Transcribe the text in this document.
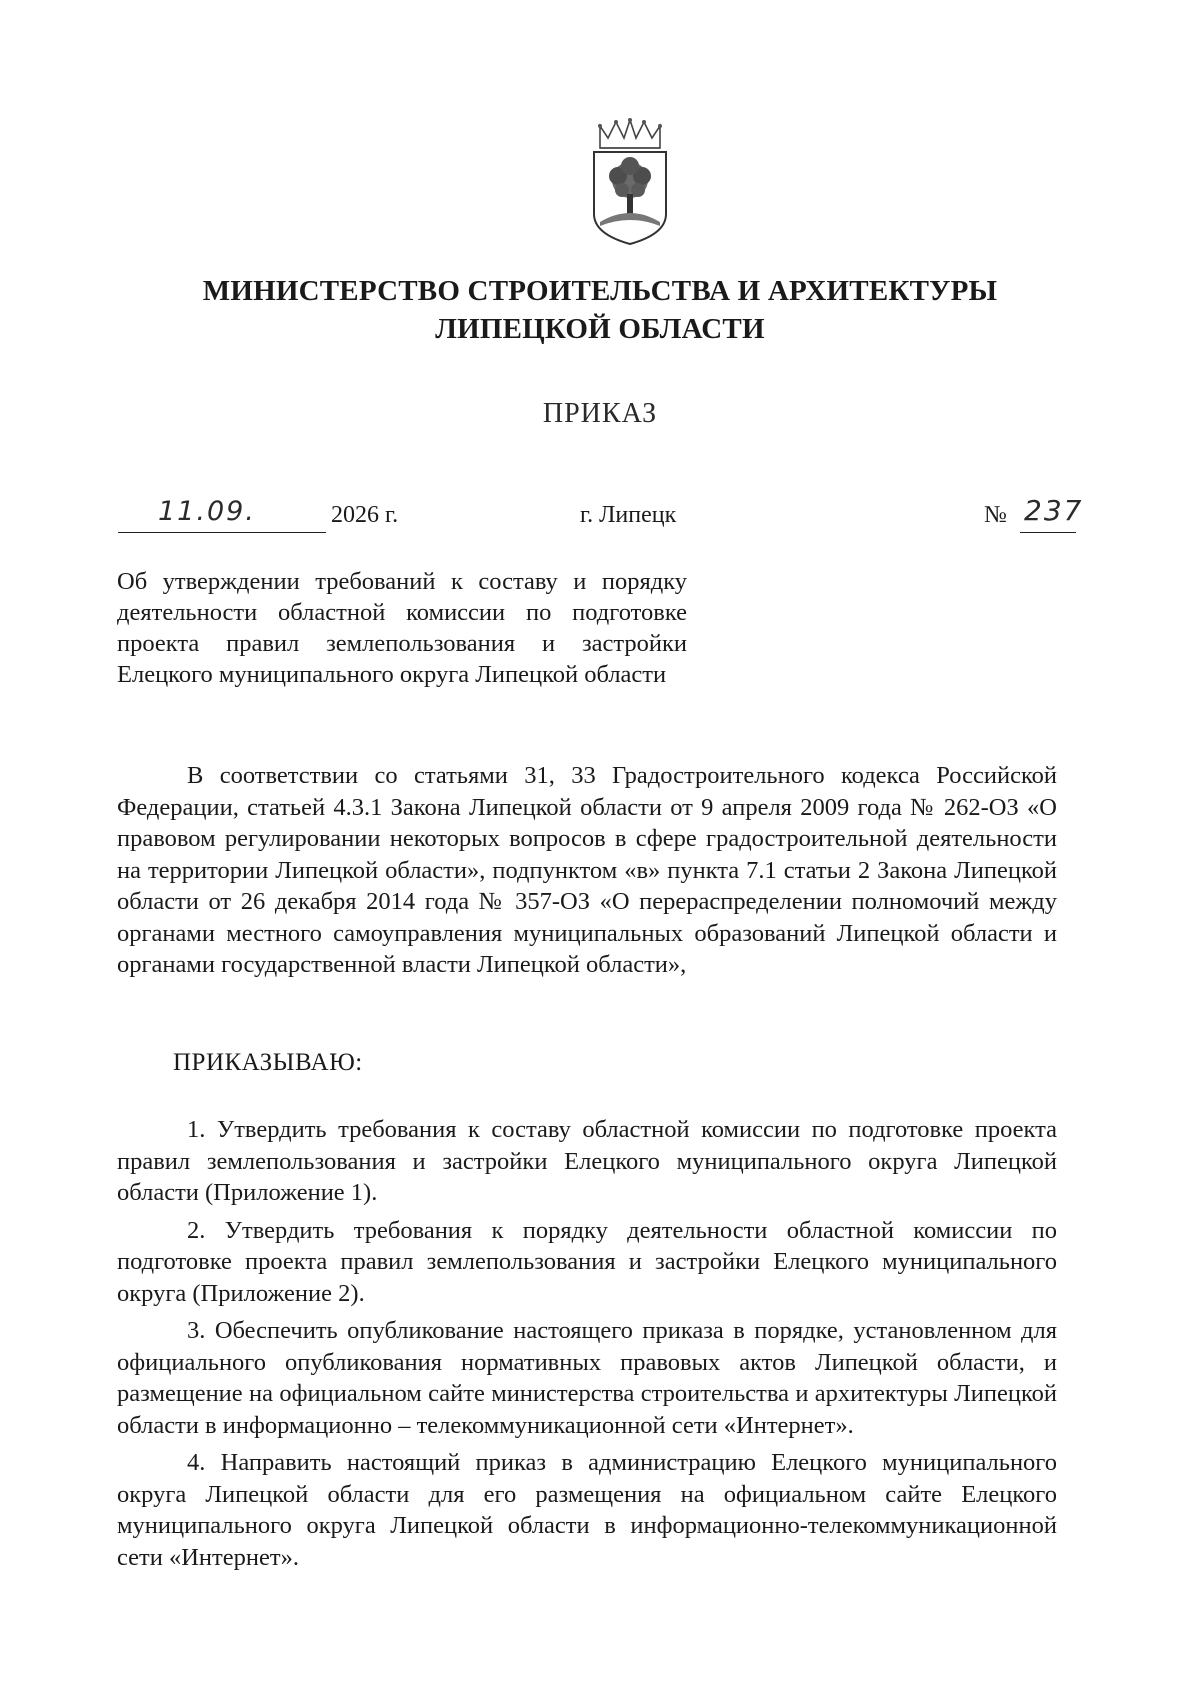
МИНИСТЕРСТВО СТРОИТЕЛЬСТВА И АРХИТЕКТУРЫ
ЛИПЕЦКОЙ ОБЛАСТИ
ПРИКАЗ
11.09.	2026 г.	г. Липецк	№ 237
Об утверждении требований к составу и порядку деятельности областной комиссии по подготовке проекта правил землепользования и застройки Елецкого муниципального округа Липецкой области
В соответствии со статьями 31, 33 Градостроительного кодекса Российской Федерации, статьей 4.3.1 Закона Липецкой области от 9 апреля 2009 года № 262-ОЗ «О правовом регулировании некоторых вопросов в сфере градостроительной деятельности на территории Липецкой области», подпунктом «в» пункта 7.1 статьи 2 Закона Липецкой области от 26 декабря 2014 года № 357-ОЗ «О перераспределении полномочий между органами местного самоуправления муниципальных образований Липецкой области и органами государственной власти Липецкой области»,
ПРИКАЗЫВАЮ:

1. Утвердить требования к составу областной комиссии по подготовке проекта правил землепользования и застройки Елецкого муниципального округа Липецкой области (Приложение 1).

2. Утвердить требования к порядку деятельности областной комиссии по подготовке проекта правил землепользования и застройки Елецкого муниципального округа (Приложение 2).

3. Обеспечить опубликование настоящего приказа в порядке, установленном для официального опубликования нормативных правовых актов Липецкой области, и размещение на официальном сайте министерства строительства и архитектуры Липецкой области в информационно – телекоммуникационной сети «Интернет».

4. Направить настоящий приказ в администрацию Елецкого муниципального округа Липецкой области для его размещения на официальном сайте Елецкого муниципального округа Липецкой области в информационно-телекоммуникационной сети «Интернет».
